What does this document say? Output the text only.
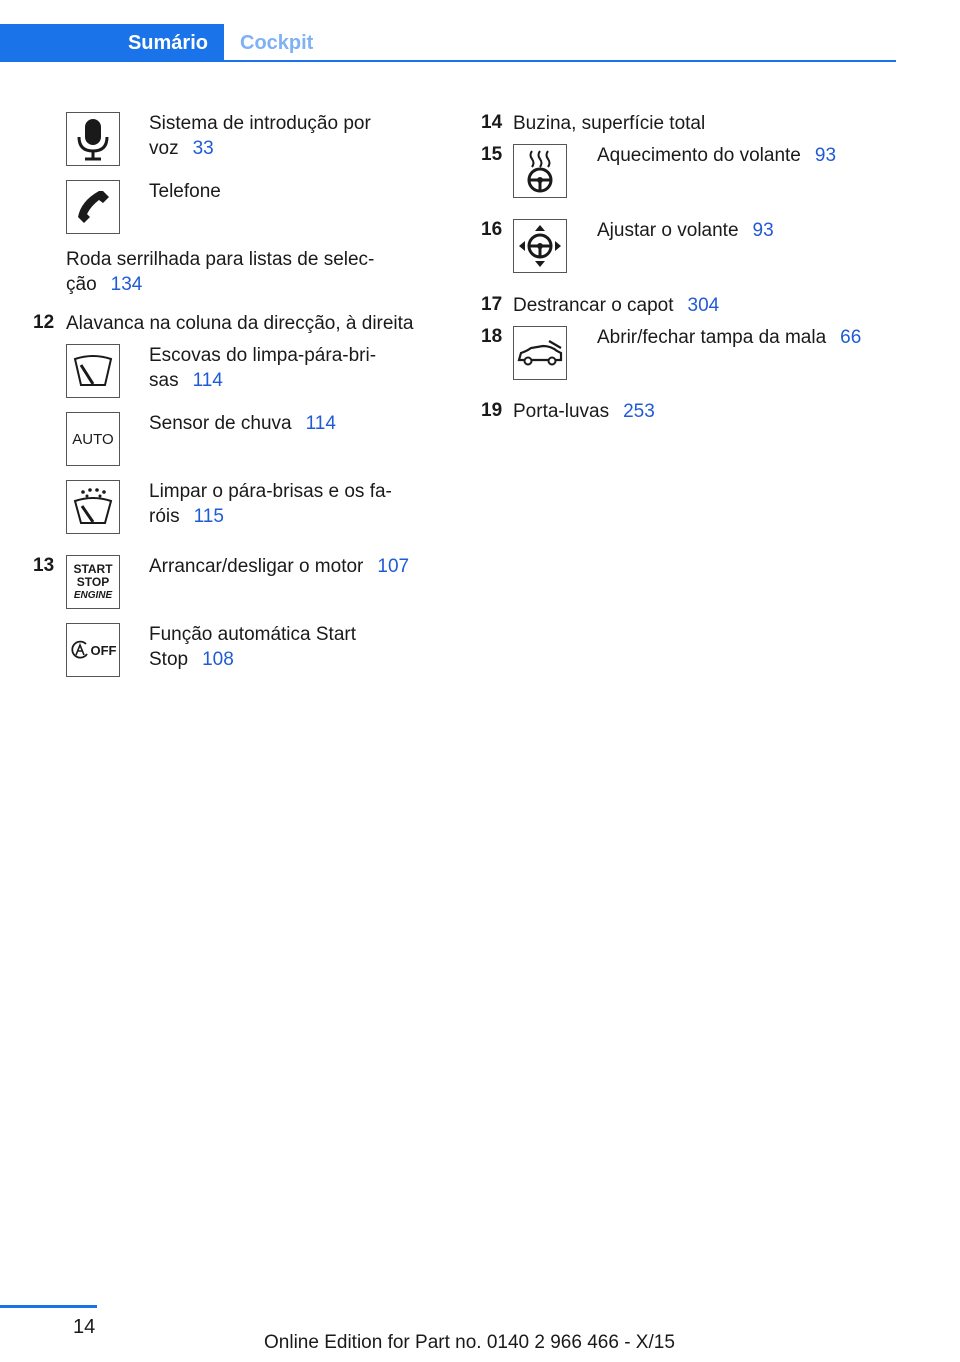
Sumário	Cockpit
Sistema de introdução por
voz 33
Telefone
Roda serrilhada para listas de selec-
ção 134
12 Alavanca na coluna da direcção, à direita
Escovas do limpa-pára-bri-
sas 114
AUTO
Sensor de chuva 114
Limpar o pára-brisas e os fa-
róis 115
13 START
STOP
ENGINE
Arrancar/desligar o motor 107
OFF
Função automática Start
Stop 108
14 Buzina, superfície total
15	Aquecimento do volante 93
16	Ajustar o volante 93
17 Destrancar o capot 304
18	Abrir/fechar tampa da mala 66
19 Porta-luvas 253
14
Online Edition for Part no. 0140 2 966 466 - X/15
